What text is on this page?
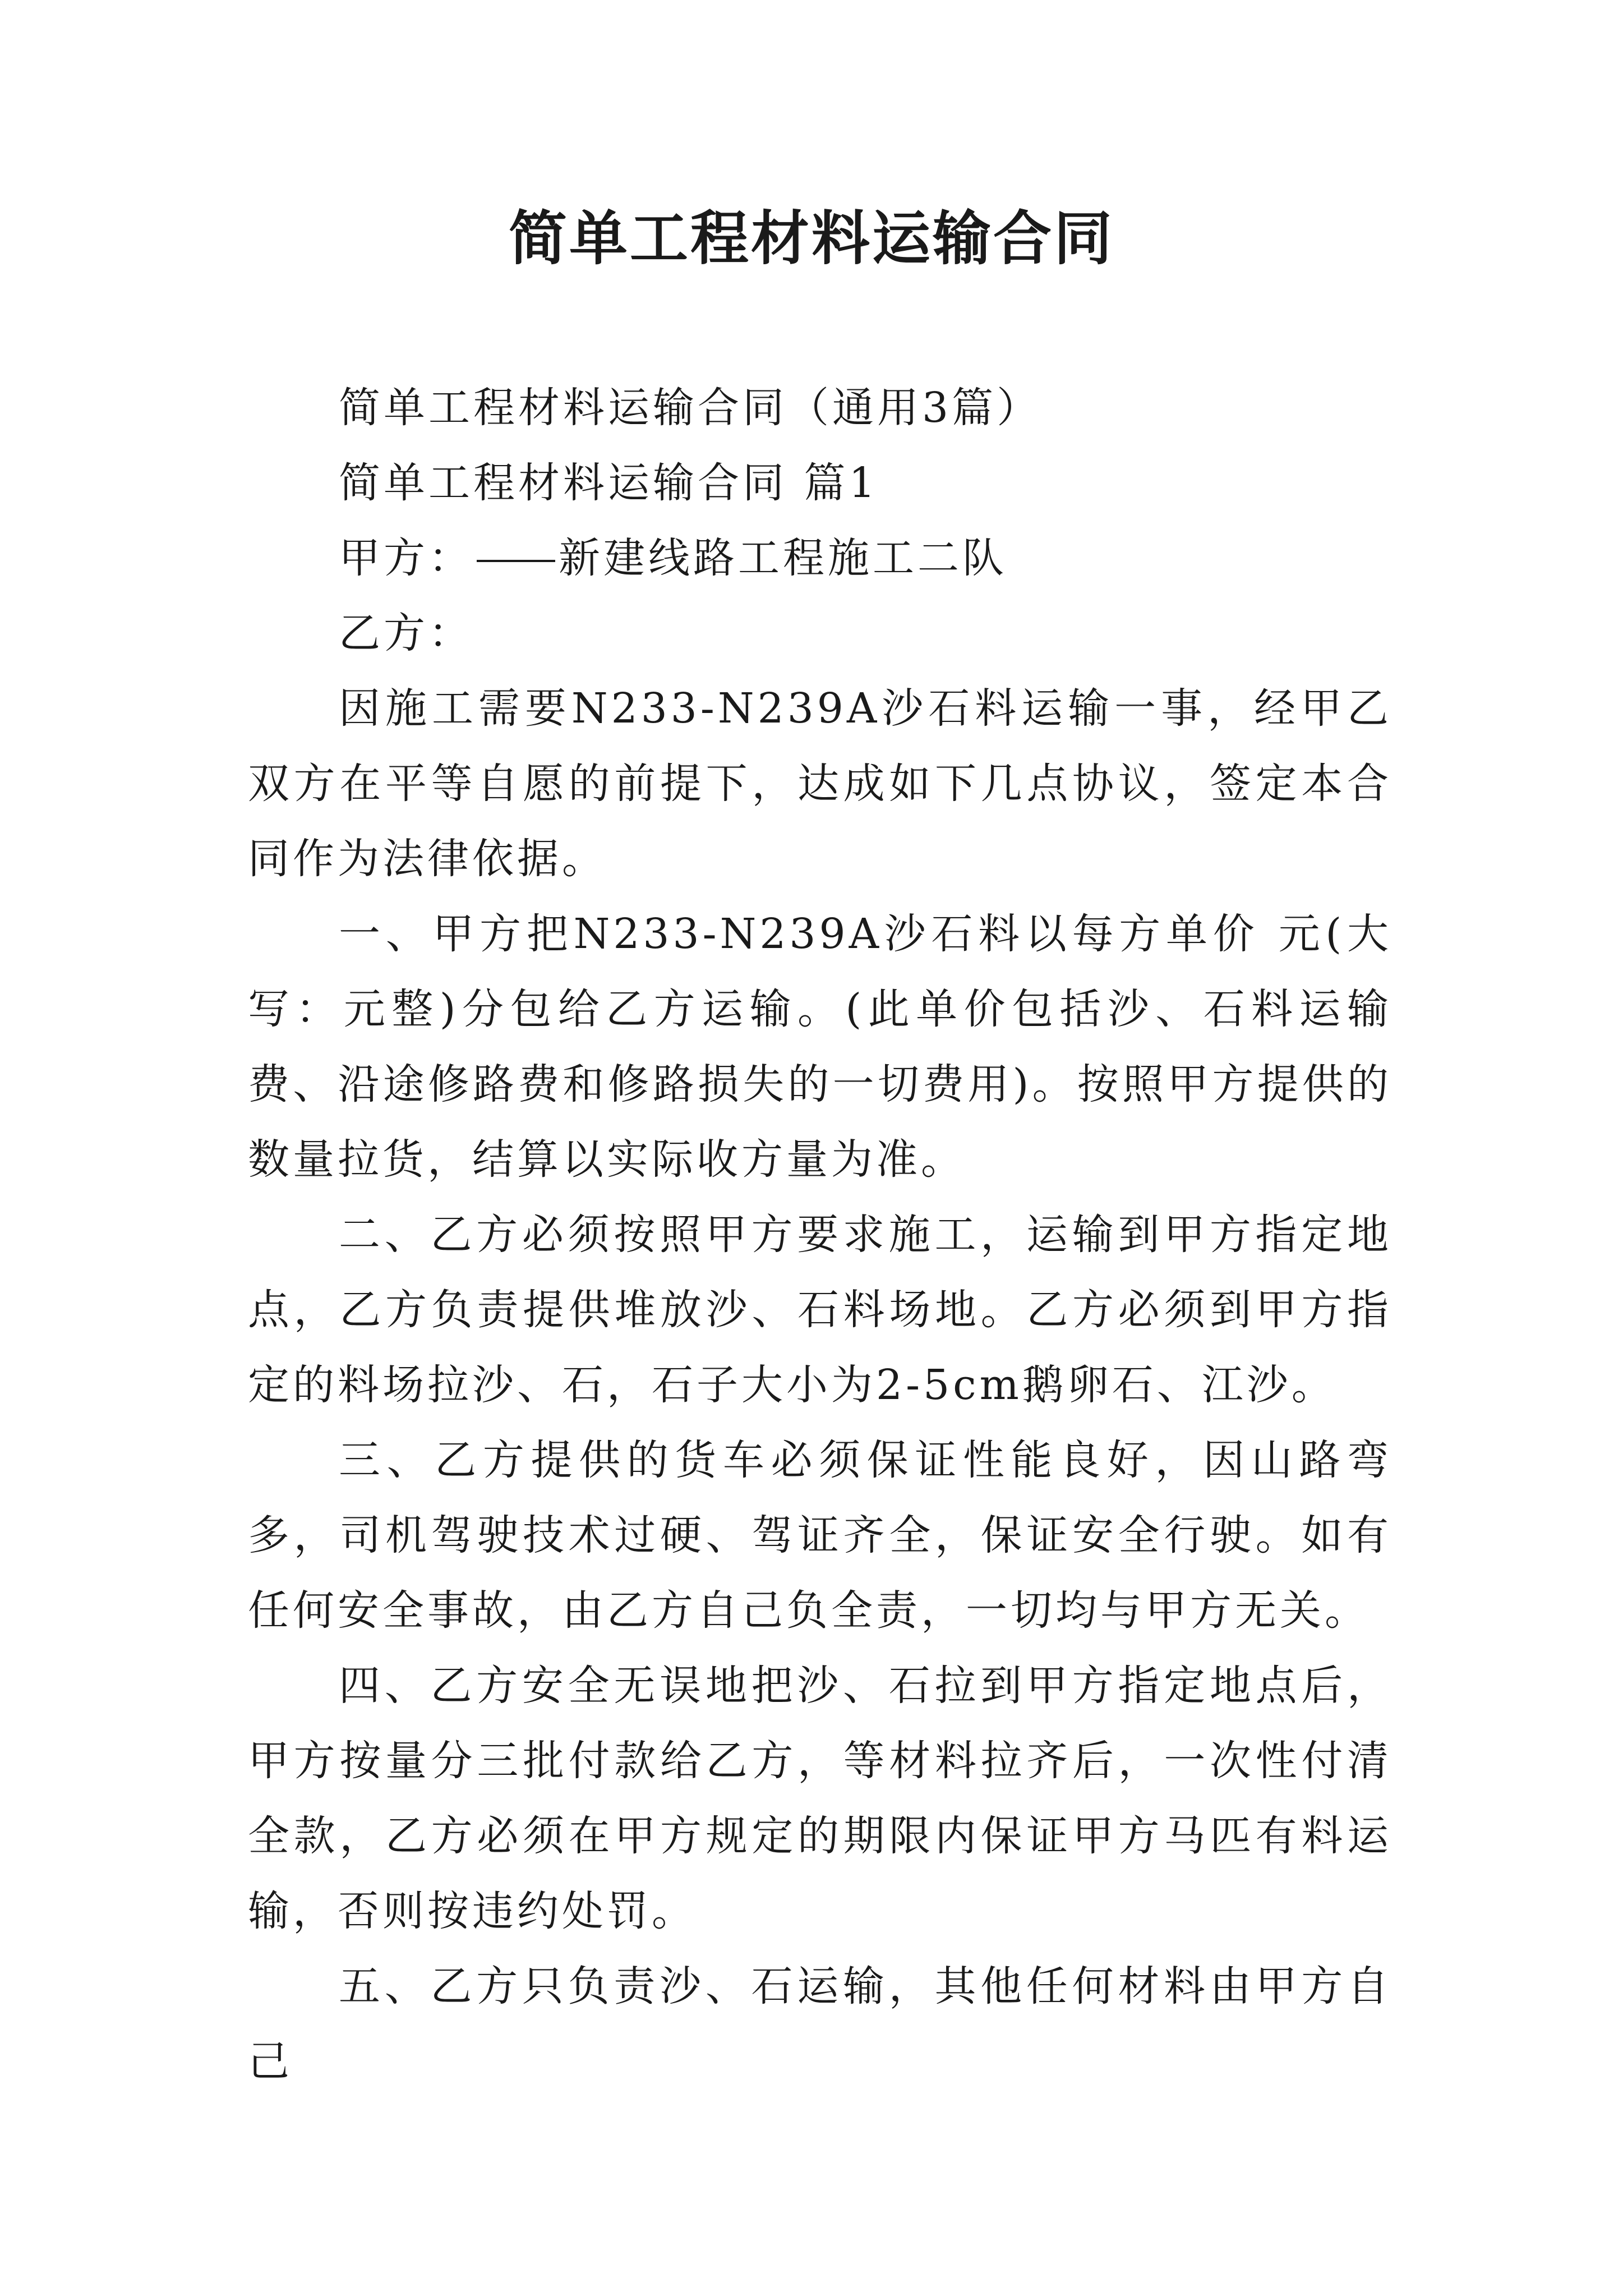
简单工程材料运输合同

简单工程材料运输合同（通用3篇）

简单工程材料运输合同 篇1

甲方： 新建线路工程施工二队

乙方：

因施工需要N233-N239A沙石料运输一事，经甲乙双方在平等自愿的前提下，达成如下几点协议，签定本合同作为法律依据。

一、甲方把N233-N239A沙石料以每方单价 元(大写：元整)分包给乙方运输。(此单价包括沙、石料运输费、沿途修路费和修路损失的一切费用)。按照甲方提供的数量拉货，结算以实际收方量为准。

二、乙方必须按照甲方要求施工，运输到甲方指定地点，乙方负责提供堆放沙、石料场地。乙方必须到甲方指定的料场拉沙、石，石子大小为2-5cm鹅卵石、江沙。

三、乙方提供的货车必须保证性能良好，因山路弯多，司机驾驶技术过硬、驾证齐全，保证安全行驶。如有任何安全事故，由乙方自己负全责，一切均与甲方无关。

四、乙方安全无误地把沙、石拉到甲方指定地点后，甲方按量分三批付款给乙方，等材料拉齐后，一次性付清全款，乙方必须在甲方规定的期限内保证甲方马匹有料运输，否则按违约处罚。

五、乙方只负责沙、石运输，其他任何材料由甲方自己
